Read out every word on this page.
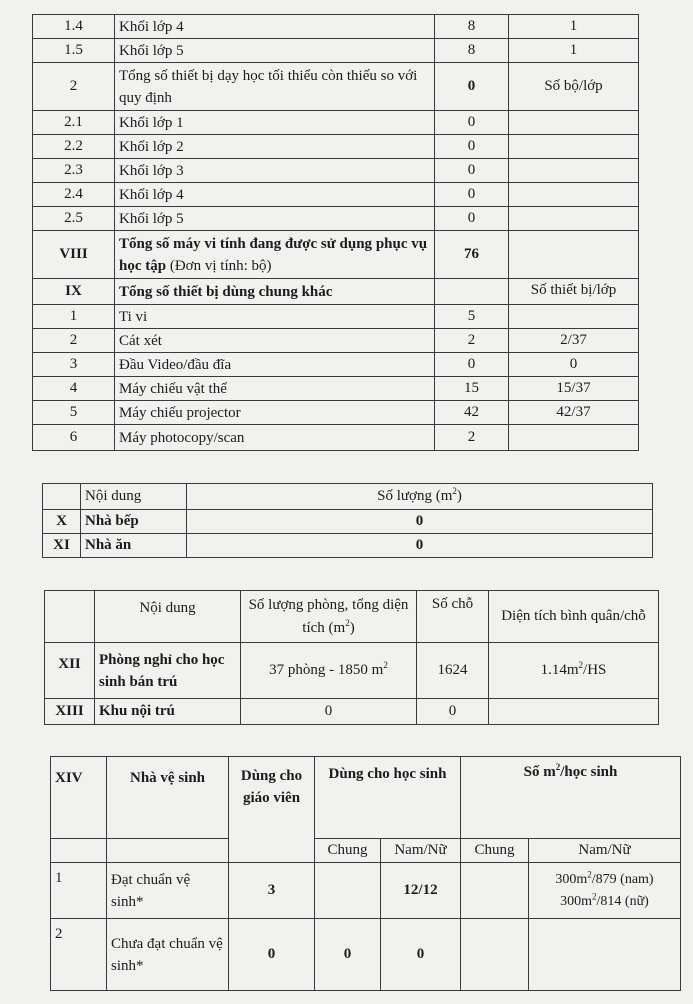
1.4	Khối lớp 4	8	1
1.5	Khối lớp 5	8	1
2	Tổng số thiết bị dạy học tối thiểu còn thiếu so với quy định	0	Số bộ/lớp
2.1	Khối lớp 1	0	
2.2	Khối lớp 2	0	
2.3	Khối lớp 3	0	
2.4	Khối lớp 4	0	
2.5	Khối lớp 5	0	
VIII	Tổng số máy vi tính đang được sử dụng phục vụ học tập (Đơn vị tính: bộ)	76	
IX	Tổng số thiết bị dùng chung khác		Số thiết bị/lớp
1	Ti vi	5	
2	Cát xét	2	2/37
3	Đầu Video/đầu đĩa	0	0
4	Máy chiếu vật thể	15	15/37
5	Máy chiếu projector	42	42/37
6	Máy photocopy/scan	2	
	Nội dung	Số lượng $(m^2)$
X	Nhà bếp	0
XI	Nhà ăn	0
	Nội dung	Số lượng phòng, tổng diện tích $(m^2)$	Số chỗ	Diện tích bình quân/chỗ
XII	Phòng nghỉ cho học sinh bán trú	37 phòng - 1850 $m^2$	1624	$1.14m^2/HS$
XIII	Khu nội trú	0	0	
XIV	Nhà vệ sinh	Dùng cho giáo viên	Dùng cho học sinh		Số $m^2$/học sinh	
			Chung	Nam/Nữ	Chung	Nam/Nữ
1	Đạt chuẩn vệ sinh*	3		12/12		$300m^2/879$ (nam)
$300m^2/814$ (nữ)

2	Chưa đạt chuẩn vệ sinh*	0	0	0		
